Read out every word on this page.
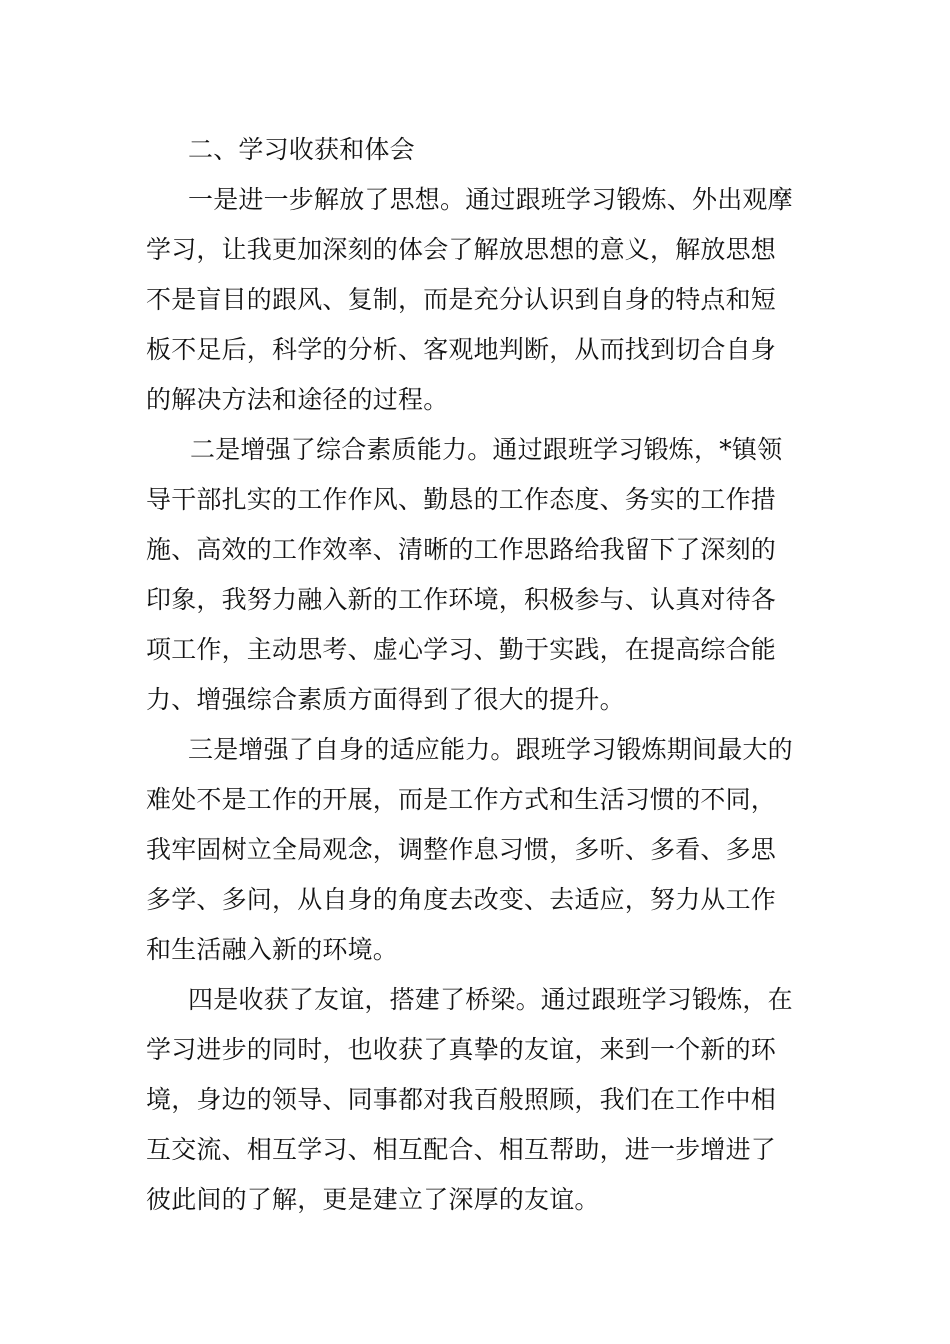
二、学习收获和体会

一是进一步解放了思想。通过跟班学习锻炼、外出观摩

学习，让我更加深刻的体会了解放思想的意义，解放思想

不是盲目的跟风、复制，而是充分认识到自身的特点和短

板不足后，科学的分析、客观地判断，从而找到切合自身

的解决方法和途径的过程。

二是增强了综合素质能力。通过跟班学习锻炼，*镇领

导干部扎实的工作作风、勤恳的工作态度、务实的工作措

施、高效的工作效率、清晰的工作思路给我留下了深刻的

印象，我努力融入新的工作环境，积极参与、认真对待各

项工作，主动思考、虚心学习、勤于实践，在提高综合能

力、增强综合素质方面得到了很大的提升。

三是增强了自身的适应能力。跟班学习锻炼期间最大的

难处不是工作的开展，而是工作方式和生活习惯的不同，

我牢固树立全局观念，调整作息习惯，多听、多看、多思

多学、多问，从自身的角度去改变、去适应，努力从工作

和生活融入新的环境。

四是收获了友谊，搭建了桥梁。通过跟班学习锻炼，在

学习进步的同时，也收获了真挚的友谊，来到一个新的环

境，身边的领导、同事都对我百般照顾，我们在工作中相

互交流、相互学习、相互配合、相互帮助，进一步增进了

彼此间的了解，更是建立了深厚的友谊。
